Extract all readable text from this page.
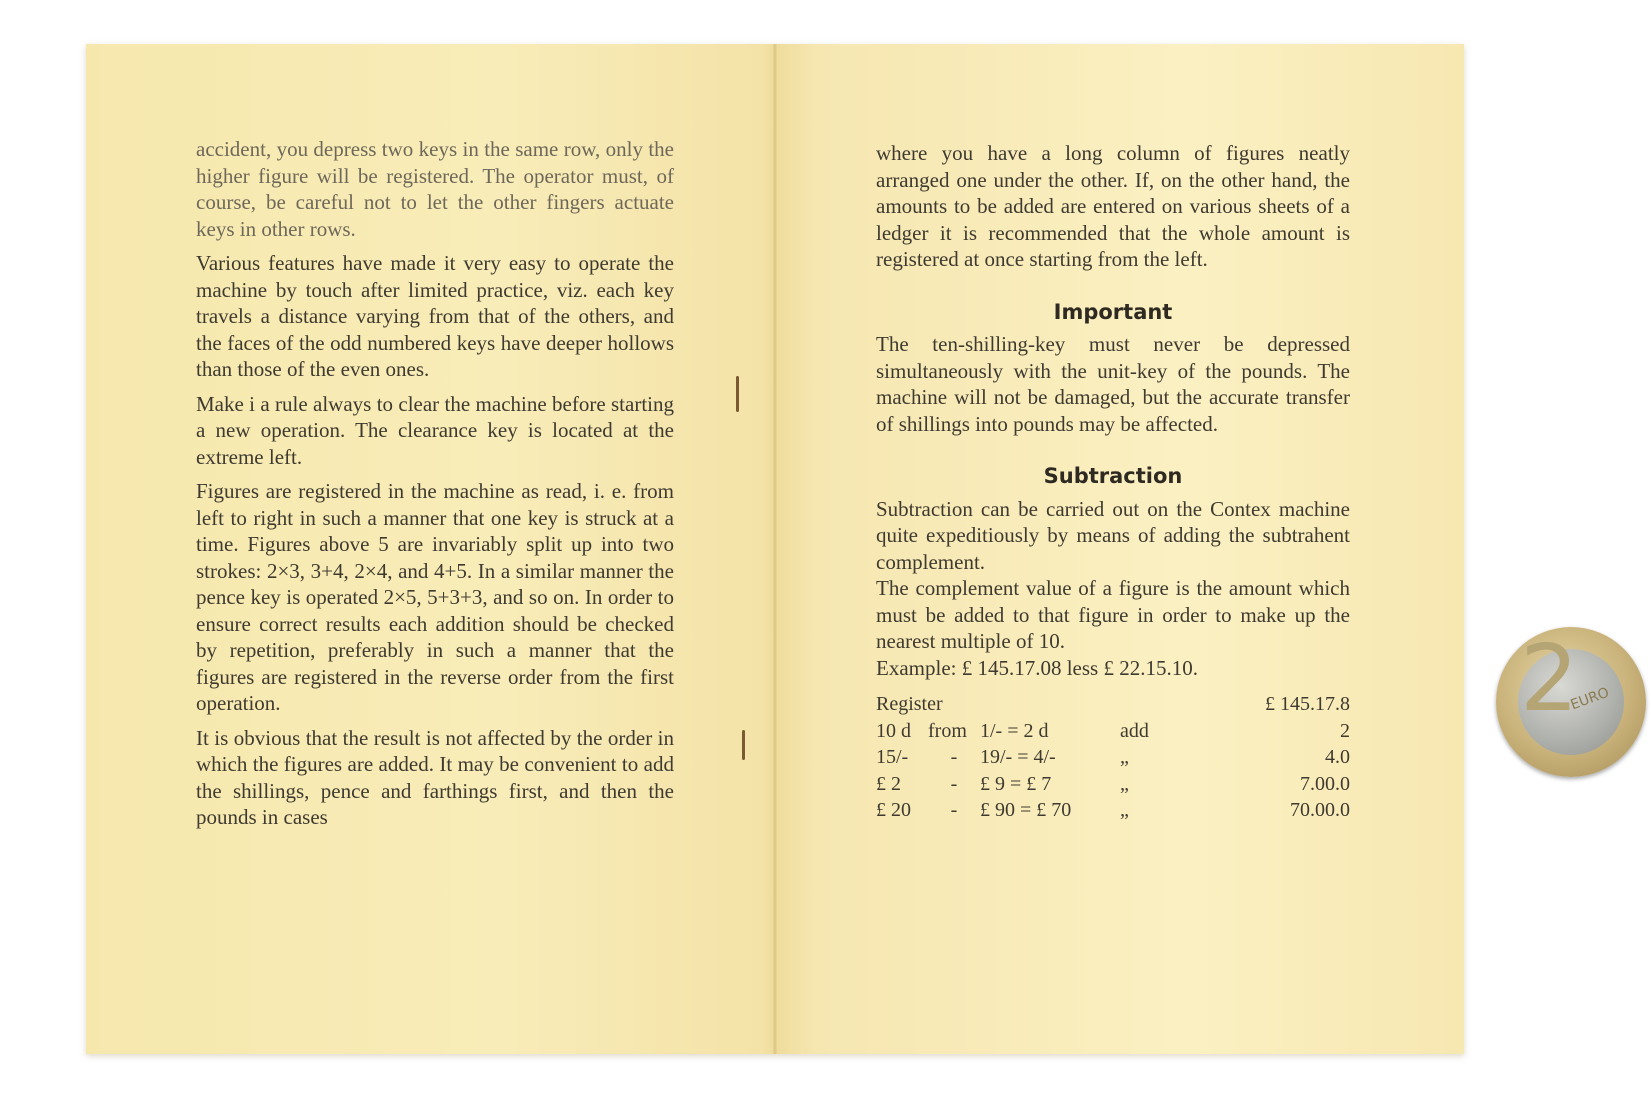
accident, you depress two keys in the same row, only the higher figure will be registered. The operator must, of course, be careful not to let the other fingers actuate keys in other rows.

Various features have made it very easy to operate the machine by touch after limited practice, viz. each key travels a distance varying from that of the others, and the faces of the odd numbered keys have deeper hollows than those of the even ones.

Make i a rule always to clear the machine before starting a new operation. The clearance key is located at the extreme left.

Figures are registered in the machine as read, i. e. from left to right in such a manner that one key is struck at a time. Figures above 5 are invariably split up into two strokes: 2×3, 3+4, 2×4, and 4+5. In a similar manner the pence key is operated 2×5, 5+3+3, and so on. In order to ensure correct results each addition should be checked by repetition, preferably in such a manner that the figures are registered in the reverse order from the first operation.

It is obvious that the result is not affected by the order in which the figures are added. It may be convenient to add the shillings, pence and farthings first, and then the pounds in cases

where you have a long column of figures neatly arranged one under the other. If, on the other hand, the amounts to be added are entered on various sheets of a ledger it is recommended that the whole amount is registered at once starting from the left.

Important

The ten-shilling-key must never be depressed simultaneously with the unit-key of the pounds. The machine will not be damaged, but the accurate transfer of shillings into pounds may be affected.

Subtraction

Subtraction can be carried out on the Contex machine quite expeditiously by means of adding the subtrahent complement.

The complement value of a figure is the amount which must be added to that figure in order to make up the nearest multiple of 10.

Example: £ 145.17.08 less £ 22.15.10.

Register				£ 145.17.8
10 d	from	1/- = 2 d	add	2
15/-	-	19/- = 4/-	„	4.0
£ 2	-	£ 9 = £ 7	„	7.00.0
£ 20	-	£ 90 = £ 70	„	70.00.0
2
EURO
